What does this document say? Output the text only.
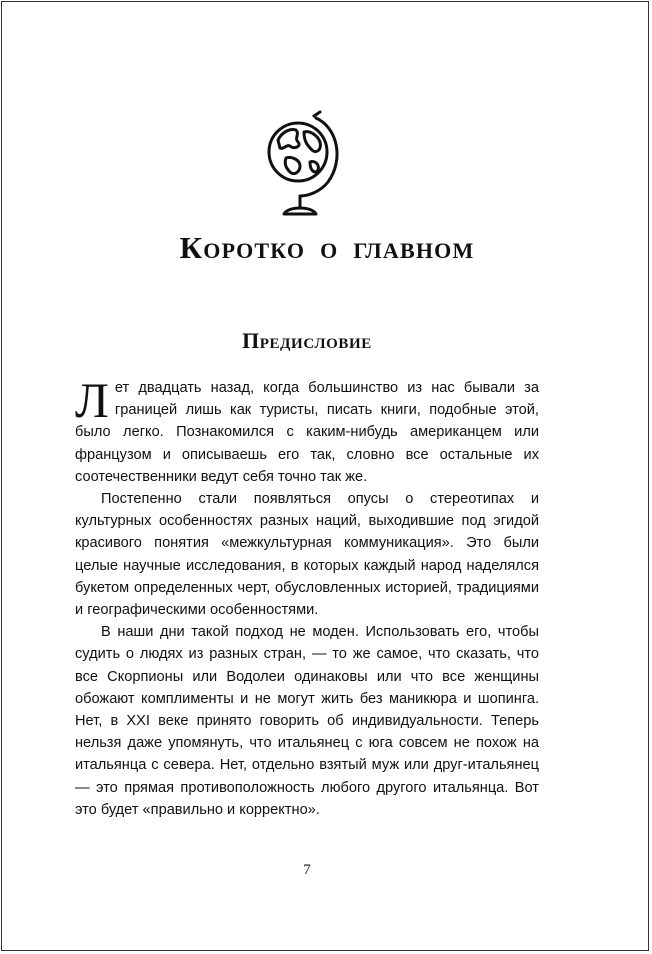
Коротко о главном
Предисловие

Лет двадцать назад, когда большинство из нас бывали за границей лишь как туристы, писать книги, подобные этой, было легко. Познакомился с каким-нибудь американцем или французом и описываешь его так, словно все остальные их соотечественники ведут себя точно так же.

Постепенно стали появляться опусы о стереотипах и культурных особенностях разных наций, выходившие под эгидой красивого понятия «межкультурная коммуникация». Это были целые научные исследования, в которых каждый народ наделялся букетом определенных черт, обусловленных историей, традициями и географическими особенностями.

В наши дни такой подход не моден. Использовать его, чтобы судить о людях из разных стран, — то же самое, что сказать, что все Скорпионы или Водолеи одинаковы или что все женщины обожают комплименты и не могут жить без маникюра и шопинга. Нет, в XXI веке принято говорить об индивидуальности. Теперь нельзя даже упомянуть, что итальянец с юга совсем не похож на итальянца с севера. Нет, отдельно взятый муж или друг-итальянец — это прямая противоположность любого другого итальянца. Вот это будет «правильно и корректно».

7
